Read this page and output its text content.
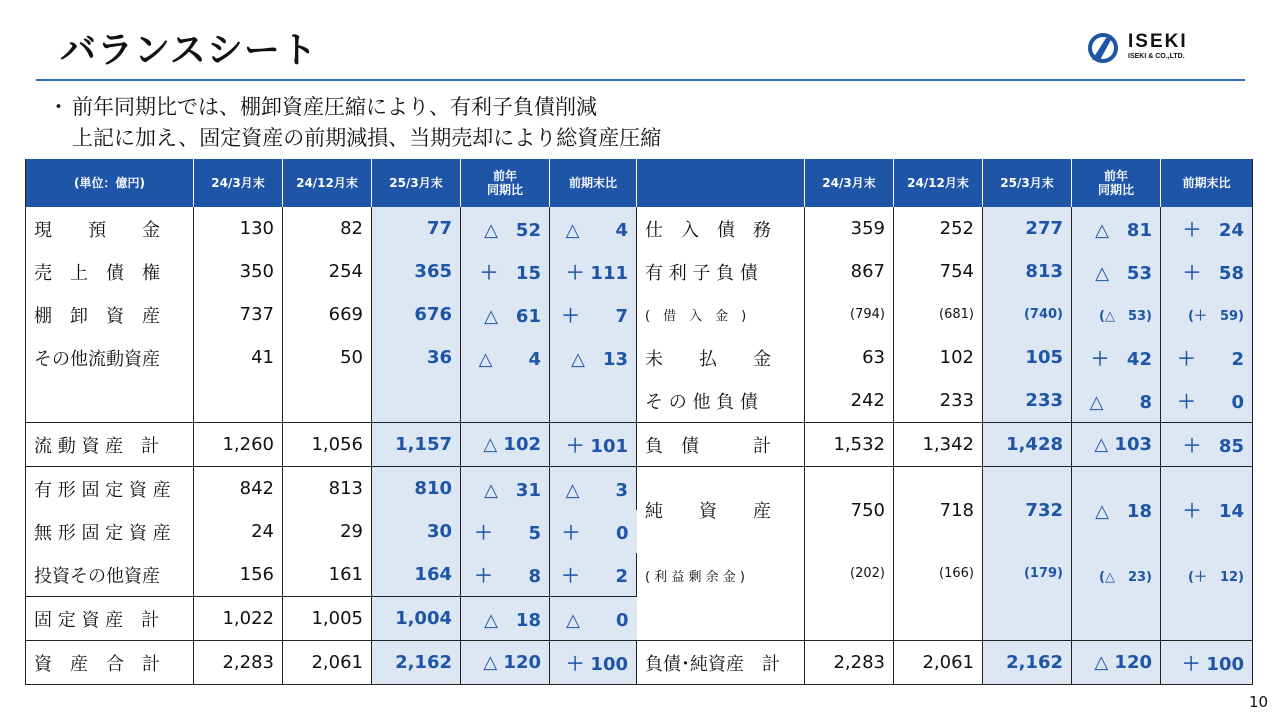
バランスシート	ISEKI
ISEKI & CO.,LTD.
・ 前年同期比では、棚卸資産圧縮により、有利子負債削減
上記に加え、固定資産の前期減損、当期売却により総資産圧縮
(単位：億円)	24/3月末	24/12月末	25/3月末	前年
同期比	前期末比		24/3月末	24/12月末	25/3月末	前年
同期比	前期末比
現　　預　　金	130	82	77	△　52	△　　4	仕　入　債　務	359	252	277	△　81	＋　24
売　上　債　権	350	254	365	＋　15	＋ 111	有 利 子 負 債	867	754	813	△　53	＋　58
棚　卸　資　産	737	669	676	△　61	＋　　7	(　借　入　金　)	(794)	(681)	(740)	(△　53)	(＋　59)
その他流動資産	41	50	36	△　　4	△　13	未　　払　　金	63	102	105	＋　42	＋　　2
						そ の 他 負 債	242	233	233	△　　8	＋　　0
流 動 資 産　計	1,260	1,056	1,157	△ 102	＋ 101	負　債　　　計	1,532	1,342	1,428	△ 103	＋　85
有 形 固 定 資 産	842	813	810	△　31	△　　3	純　　資　　産	750	718	732	△　18	＋　14
無 形 固 定 資 産	24	29	30	＋　　5	＋　　0						
投資その他資産	156	161	164	＋　　8	＋　　2	( 利 益 剰 余 金 )	(202)	(166)	(179)	(△　23)	(＋　12)
固 定 資 産　計	1,022	1,005	1,004	△　18	△　　0						
資　産　合　計	2,283	2,061	2,162	△ 120	＋ 100	負債･純資産　計	2,283	2,061	2,162	△ 120	＋ 100
10
